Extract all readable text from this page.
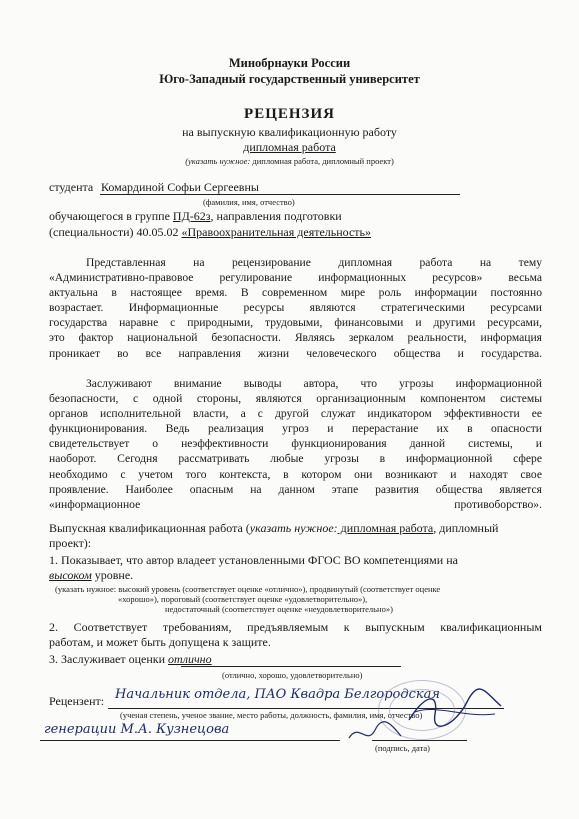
Минобрнауки России
Юго-Западный государственный университет
РЕЦЕНЗИЯ
на выпускную квалификационную работу
дипломная работа
(указать нужное: дипломная работа, дипломный проект)
студента Комардиной Софьи Сергеевны
(фамилия, имя, отчество)
обучающегося в группе ПД-62з, направления подготовки
(специальности) 40.05.02 «Правоохранительная деятельность»

Представленная на рецензирование дипломная работа на тему

«Административно-правовое регулирование информационных ресурсов» весьма

актуальна в настоящее время. В современном мире роль информации постоянно

возрастает. Информационные ресурсы являются стратегическими ресурсами

государства наравне с природными, трудовыми, финансовыми и другими ресурсами,

это фактор национальной безопасности. Являясь зеркалом реальности, информация

проникает во все направления жизни человеческого общества и государства.

Заслуживают внимание выводы автора, что угрозы информационной

безопасности, с одной стороны, являются организационным компонентом системы

органов исполнительной власти, а с другой служат индикатором эффективности ее

функционирования. Ведь реализация угроз и перерастание их в опасности

свидетельствует о неэффективности функционирования данной системы, и

наоборот. Сегодня рассматривать любые угрозы в информационной сфере

необходимо с учетом того контекста, в котором они возникают и находят свое

проявление. Наиболее опасным на данном этапе развития общества является

«информационное противоборство».

Выпускная квалификационная работа (указать нужное: дипломная работа, дипломный
проект):
1. Показывает, что автор владеет установленными ФГОС ВО компетенциями на
высоком уровне.
(указать нужное: высокий уровень (соответствует оценке «отлично»), продвинутый (соответствует оценке
«хорошо»), пороговый (соответствует оценке «удовлетворительно»),
недостаточный (соответствует оценке «неудовлетворительно»)
2. Соответствует требованиям, предъявляемым к выпускным квалификационным
работам, и может быть допущена к защите.
3. Заслуживает оценки отлично
(отлично, хорошо, удовлетворительно)
Рецензент: Начальник отдела, ПАО Квадра Белгородская
(ученая степень, ученое звание, место работы, должность, фамилия, имя, отчество)
генерации М.А. Кузнецова
(подпись, дата)
